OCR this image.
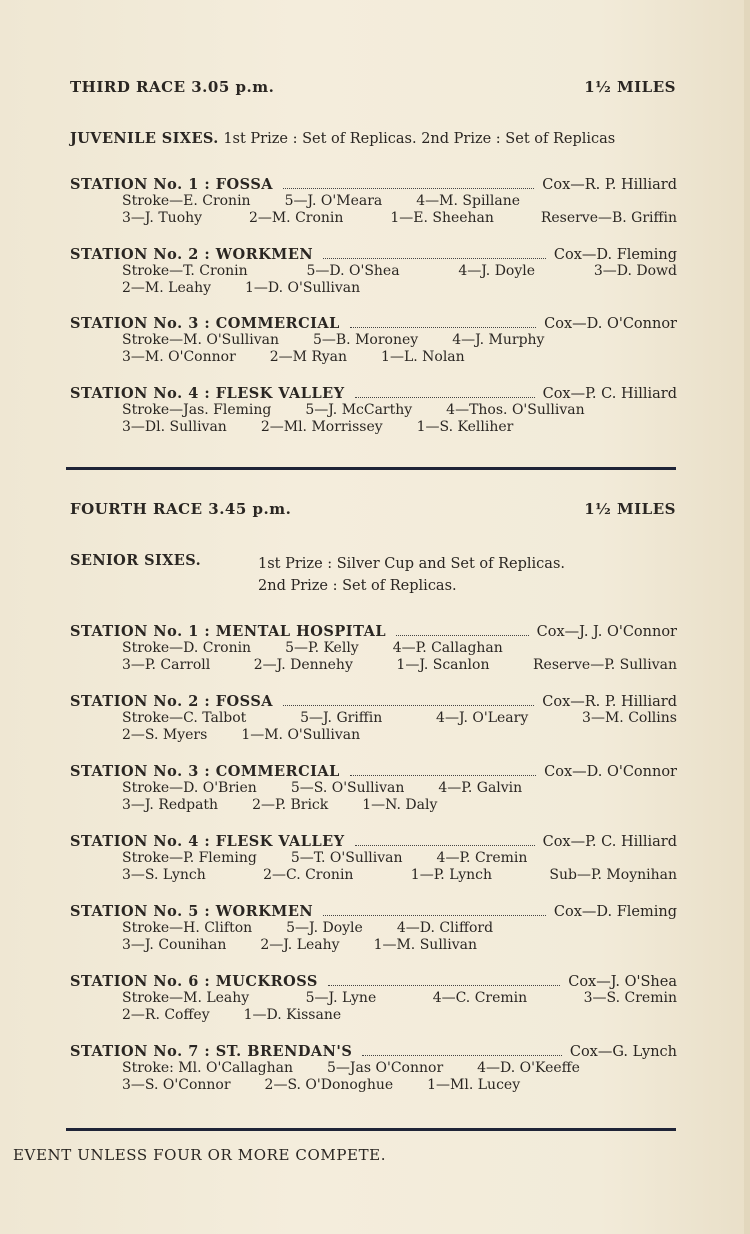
THIRD RACE 3.05 p.m.	1½ MILES
JUVENILE SIXES. 1st Prize : Set of Replicas. 2nd Prize : Set of Replicas
STATION No. 1 : FOSSA	Cox—R. P. Hilliard
Stroke—E. Cronin 5—J. O'Meara 4—M. Spillane
3—J. Tuohy	2—M. Cronin	1—E. Sheehan	Reserve—B. Griffin
STATION No. 2 : WORKMEN	Cox—D. Fleming
Stroke—T. Cronin	5—D. O'Shea	4—J. Doyle	3—D. Dowd
2—M. Leahy 1—D. O'Sullivan
STATION No. 3 : COMMERCIAL	Cox—D. O'Connor
Stroke—M. O'Sullivan 5—B. Moroney 4—J. Murphy
3—M. O'Connor 2—M Ryan 1—L. Nolan
STATION No. 4 : FLESK VALLEY	Cox—P. C. Hilliard
Stroke—Jas. Fleming 5—J. McCarthy 4—Thos. O'Sullivan
3—Dl. Sullivan 2—Ml. Morrissey 1—S. Kelliher
FOURTH RACE 3.45 p.m.	1½ MILES
SENIOR SIXES.	1st Prize : Silver Cup and Set of Replicas.
2nd Prize : Set of Replicas.
STATION No. 1 : MENTAL HOSPITAL	Cox—J. J. O'Connor
Stroke—D. Cronin 5—P. Kelly 4—P. Callaghan
3—P. Carroll	2—J. Dennehy	1—J. Scanlon	Reserve—P. Sullivan
STATION No. 2 : FOSSA	Cox—R. P. Hilliard
Stroke—C. Talbot	5—J. Griffin	4—J. O'Leary	3—M. Collins
2—S. Myers 1—M. O'Sullivan
STATION No. 3 : COMMERCIAL	Cox—D. O'Connor
Stroke—D. O'Brien 5—S. O'Sullivan 4—P. Galvin
3—J. Redpath 2—P. Brick 1—N. Daly
STATION No. 4 : FLESK VALLEY	Cox—P. C. Hilliard
Stroke—P. Fleming 5—T. O'Sullivan 4—P. Cremin
3—S. Lynch	2—C. Cronin	1—P. Lynch	Sub—P. Moynihan
STATION No. 5 : WORKMEN	Cox—D. Fleming
Stroke—H. Clifton 5—J. Doyle 4—D. Clifford
3—J. Counihan 2—J. Leahy 1—M. Sullivan
STATION No. 6 : MUCKROSS	Cox—J. O'Shea
Stroke—M. Leahy	5—J. Lyne	4—C. Cremin	3—S. Cremin
2—R. Coffey 1—D. Kissane
STATION No. 7 : ST. BRENDAN'S	Cox—G. Lynch
Stroke: Ml. O'Callaghan 5—Jas O'Connor 4—D. O'Keeffe
3—S. O'Connor 2—S. O'Donoghue 1—Ml. Lucey
EVENT UNLESS FOUR OR MORE COMPETE.
